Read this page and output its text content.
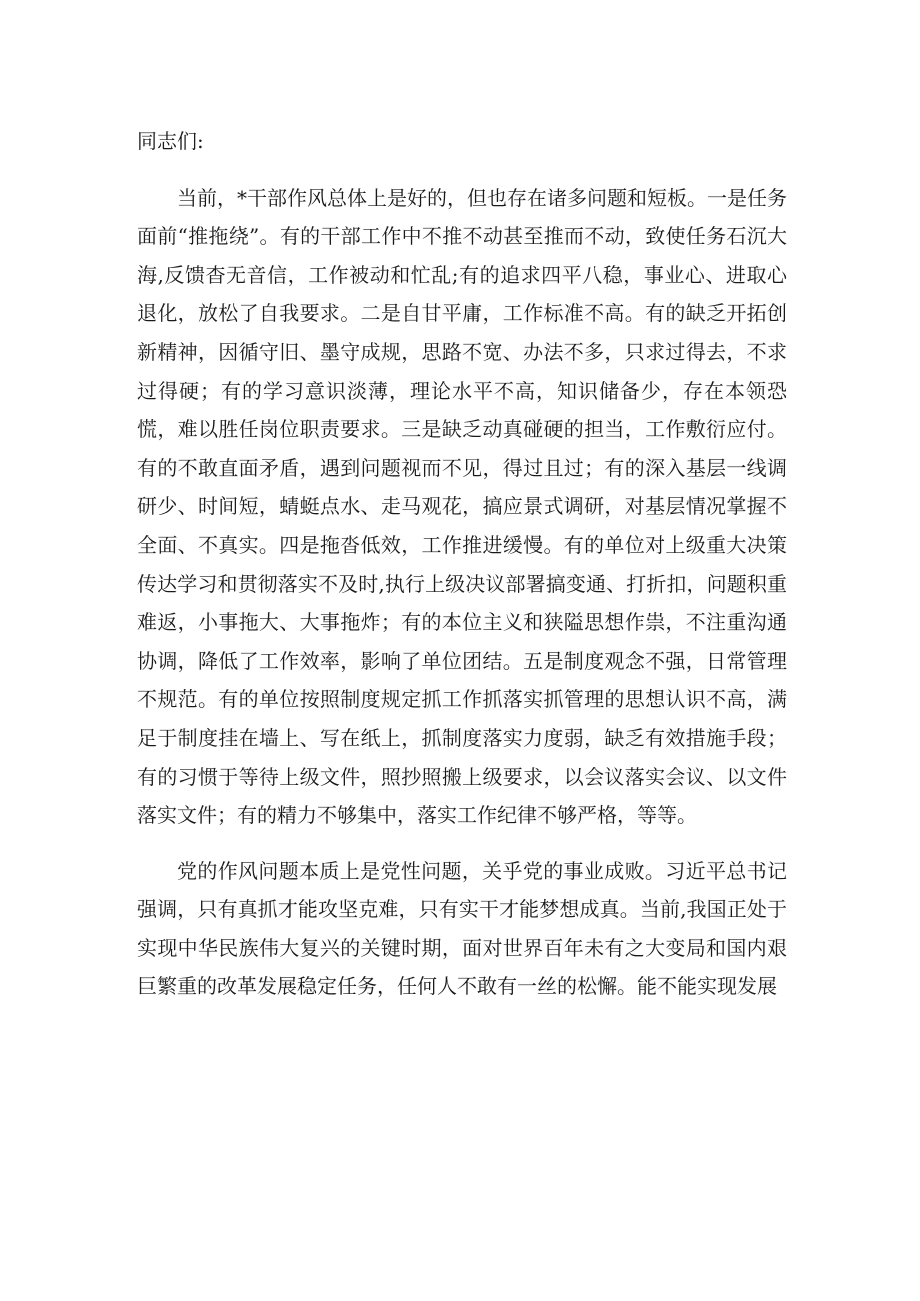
同志们:

当前，*干部作风总体上是好的，但也存在诸多问题和短板。一是任务面前“推拖绕”。有的干部工作中不推不动甚至推而不动，致使任务石沉大海,反馈杳无音信，工作被动和忙乱;有的追求四平八稳，事业心、进取心退化，放松了自我要求。二是自甘平庸，工作标准不高。有的缺乏开拓创新精神，因循守旧、墨守成规，思路不宽、办法不多，只求过得去，不求过得硬；有的学习意识淡薄，理论水平不高，知识储备少，存在本领恐慌，难以胜任岗位职责要求。三是缺乏动真碰硬的担当，工作敷衍应付。有的不敢直面矛盾，遇到问题视而不见，得过且过；有的深入基层一线调研少、时间短，蜻蜓点水、走马观花，搞应景式调研，对基层情况掌握不全面、不真实。四是拖沓低效，工作推进缓慢。有的单位对上级重大决策传达学习和贯彻落实不及时,执行上级决议部署搞变通、打折扣，问题积重难返，小事拖大、大事拖炸；有的本位主义和狭隘思想作祟，不注重沟通协调，降低了工作效率，影响了单位团结。五是制度观念不强，日常管理不规范。有的单位按照制度规定抓工作抓落实抓管理的思想认识不高，满足于制度挂在墙上、写在纸上，抓制度落实力度弱，缺乏有效措施手段；有的习惯于等待上级文件，照抄照搬上级要求，以会议落实会议、以文件落实文件；有的精力不够集中，落实工作纪律不够严格，等等。

党的作风问题本质上是党性问题，关乎党的事业成败。习近平总书记强调，只有真抓才能攻坚克难，只有实干才能梦想成真。当前,我国正处于实现中华民族伟大复兴的关键时期，面对世界百年未有之大变局和国内艰巨繁重的改革发展稳定任务，任何人不敢有一丝的松懈。能不能实现发展
